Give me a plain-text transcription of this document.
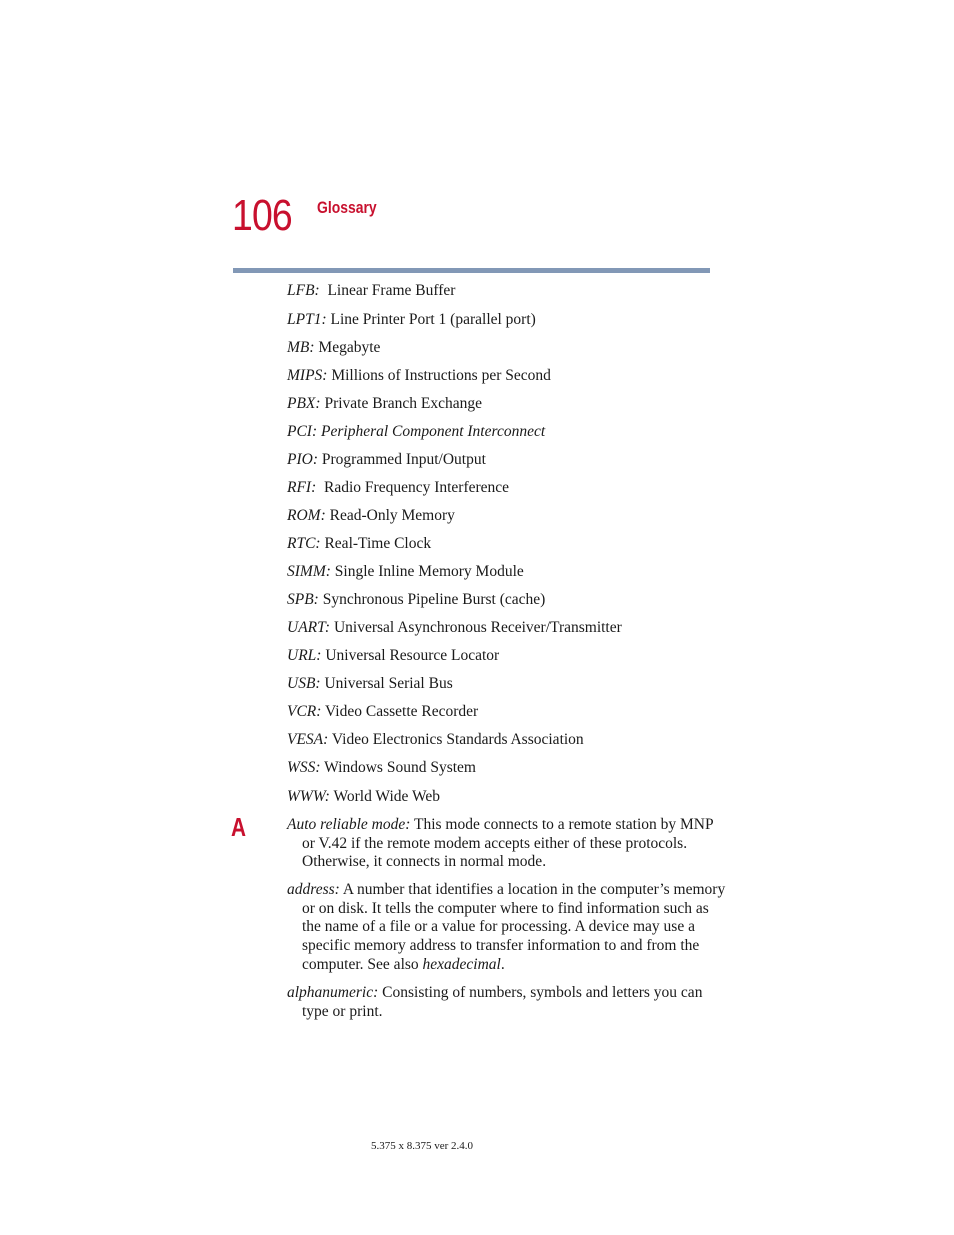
106 Glossary
LFB:  Linear Frame Buffer
LPT1: Line Printer Port 1 (parallel port)
MB: Megabyte
MIPS: Millions of Instructions per Second
PBX: Private Branch Exchange
PCI: Peripheral Component Interconnect
PIO: Programmed Input/Output
RFI:  Radio Frequency Interference
ROM: Read-Only Memory
RTC: Real-Time Clock
SIMM: Single Inline Memory Module
SPB: Synchronous Pipeline Burst (cache)
UART: Universal Asynchronous Receiver/Transmitter
URL: Universal Resource Locator
USB: Universal Serial Bus
VCR: Video Cassette Recorder
VESA: Video Electronics Standards Association
WSS: Windows Sound System
WWW: World Wide Web
A	Auto reliable mode: This mode connects to a remote station by MNP or V.42 if the remote modem accepts either of these protocols. Otherwise, it connects in normal mode.
address: A number that identifies a location in the computer’s memory or on disk. It tells the computer where to find information such as the name of a file or a value for processing. A device may use a specific memory address to transfer information to and from the computer. See also hexadecimal.
alphanumeric: Consisting of numbers, symbols and letters you can type or print.
5.375 x 8.375 ver 2.4.0
